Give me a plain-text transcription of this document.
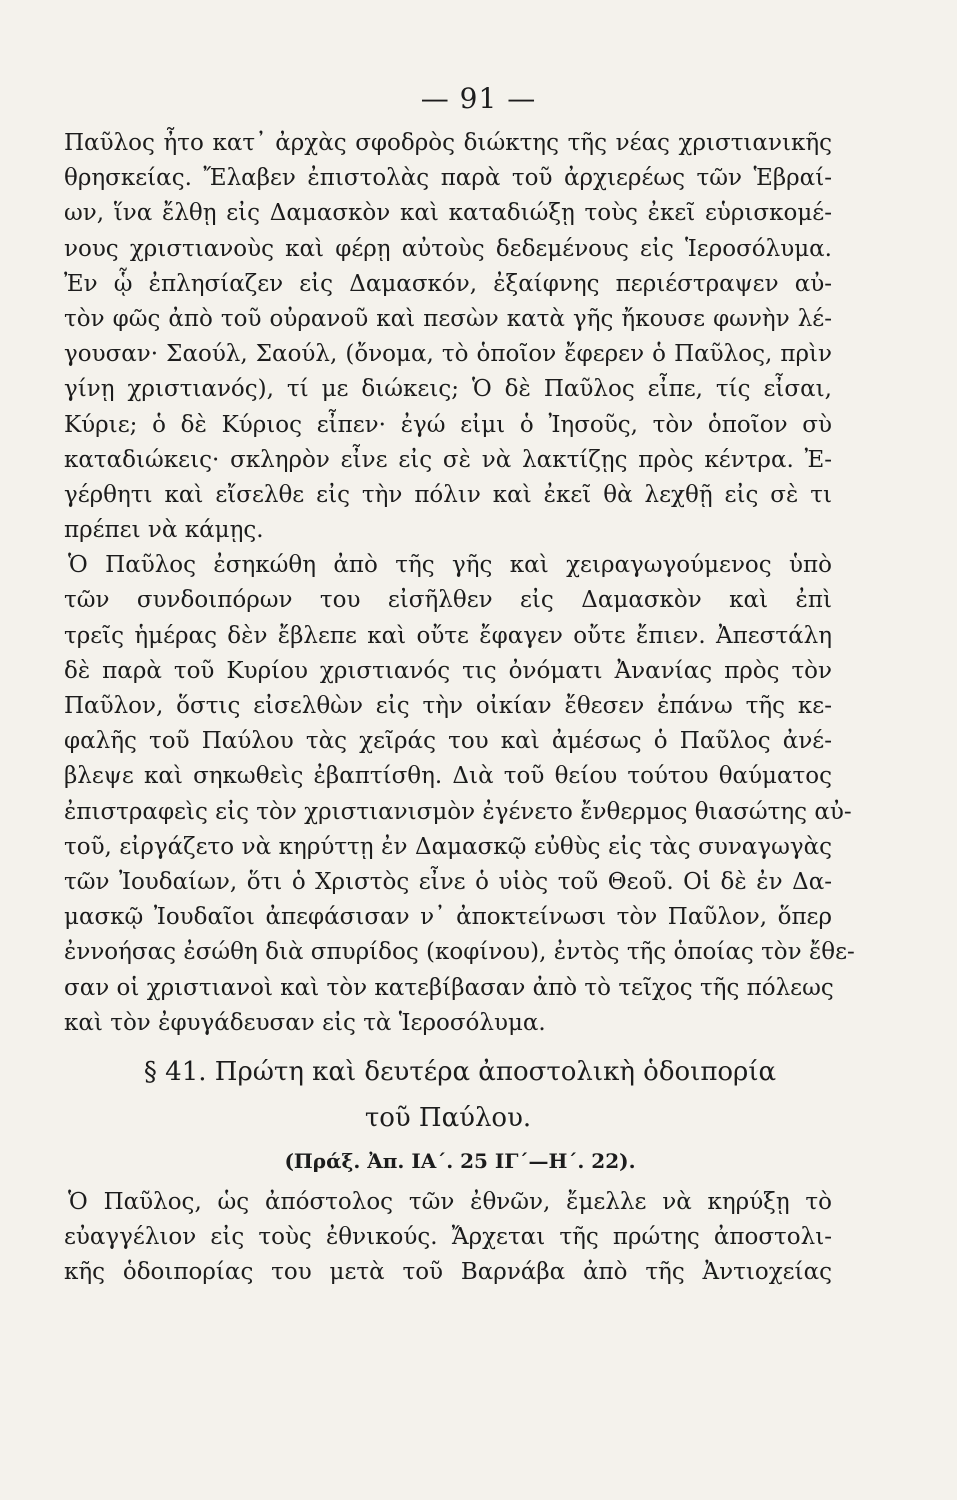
— 91 —
Παῦλος ἦτο κατ᾽ ἀρχὰς σφοδρὸς διώκτης τῆς νέας χριστιανικῆς
θρησκείας. Ἔλαβεν ἐπιστολὰς παρὰ τοῦ ἀρχιερέως τῶν Ἑβραί-
ων, ἵνα ἔλθῃ εἰς Δαμασκὸν καὶ καταδιώξῃ τοὺς ἐκεῖ εὑρισκομέ-
νους χριστιανοὺς καὶ φέρῃ αὐτοὺς δεδεμένους εἰς Ἱεροσόλυμα.
Ἐν ᾧ ἐπλησίαζεν εἰς Δαμασκόν, ἐξαίφνης περιέστραψεν αὐ-
τὸν φῶς ἀπὸ τοῦ οὐρανοῦ καὶ πεσὼν κατὰ γῆς ἤκουσε φωνὴν λέ-
γουσαν· Σαούλ, Σαούλ, (ὄνομα, τὸ ὁποῖον ἔφερεν ὁ Παῦλος, πρὶν
γίνῃ χριστιανός), τί με διώκεις; Ὁ δὲ Παῦλος εἶπε, τίς εἶσαι,
Κύριε; ὁ δὲ Κύριος εἶπεν· ἐγώ εἰμι ὁ Ἰησοῦς, τὸν ὁποῖον σὺ
καταδιώκεις· σκληρὸν εἶνε εἰς σὲ νὰ λακτίζῃς πρὸς κέντρα. Ἐ-
γέρθητι καὶ εἴσελθε εἰς τὴν πόλιν καὶ ἐκεῖ θὰ λεχθῇ εἰς σὲ τι
πρέπει νὰ κάμῃς.
Ὁ Παῦλος ἐσηκώθη ἀπὸ τῆς γῆς καὶ χειραγωγούμενος ὑπὸ
τῶν συνδοιπόρων του εἰσῆλθεν εἰς Δαμασκὸν καὶ ἐπὶ
τρεῖς ἡμέρας δὲν ἔβλεπε καὶ οὔτε ἔφαγεν οὔτε ἔπιεν. Ἀπεστάλη
δὲ παρὰ τοῦ Κυρίου χριστιανός τις ὀνόματι Ἀνανίας πρὸς τὸν
Παῦλον, ὅστις εἰσελθὼν εἰς τὴν οἰκίαν ἔθεσεν ἐπάνω τῆς κε-
φαλῆς τοῦ Παύλου τὰς χεῖράς του καὶ ἀμέσως ὁ Παῦλος ἀνέ-
βλεψε καὶ σηκωθεὶς ἐβαπτίσθη. Διὰ τοῦ θείου τούτου θαύματος
ἐπιστραφεὶς εἰς τὸν χριστιανισμὸν ἐγένετο ἔνθερμος θιασώτης αὐ-
τοῦ, εἰργάζετο νὰ κηρύττῃ ἐν Δαμασκῷ εὐθὺς εἰς τὰς συναγωγὰς
τῶν Ἰουδαίων, ὅτι ὁ Χριστὸς εἶνε ὁ υἱὸς τοῦ Θεοῦ. Οἱ δὲ ἐν Δα-
μασκῷ Ἰουδαῖοι ἀπεφάσισαν ν᾽ ἀποκτείνωσι τὸν Παῦλον, ὅπερ
ἐννοήσας ἐσώθη διὰ σπυρίδος (κοφίνου), ἐντὸς τῆς ὁποίας τὸν ἔθε-
σαν οἱ χριστιανοὶ καὶ τὸν κατεβίβασαν ἀπὸ τὸ τεῖχος τῆς πόλεως
καὶ τὸν ἐφυγάδευσαν εἰς τὰ Ἱεροσόλυμα.
§ 41. Πρώτη καὶ δευτέρα ἀποστολικὴ ὁδοιπορία
τοῦ Παύλου.
(Πράξ. Ἀπ. ΙΑ΄. 25 ΙΓ΄—Η΄. 22).
Ὁ Παῦλος, ὡς ἀπόστολος τῶν ἐθνῶν, ἔμελλε νὰ κηρύξῃ τὸ
εὐαγγέλιον εἰς τοὺς ἐθνικούς. Ἄρχεται τῆς πρώτης ἀποστολι-
κῆς ὁδοιπορίας του μετὰ τοῦ Βαρνάβα ἀπὸ τῆς Ἀντιοχείας
